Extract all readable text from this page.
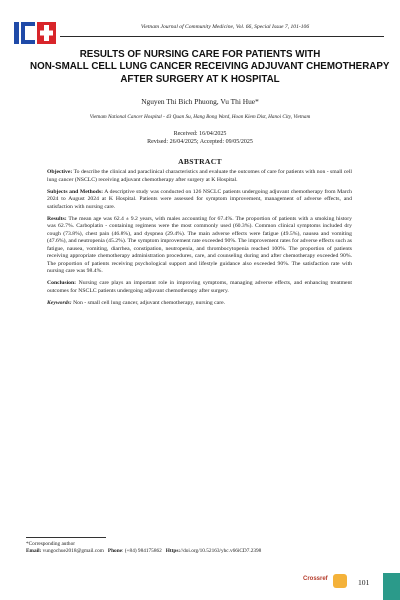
Vietnam Journal of Community Medicine, Vol. 66, Special Issue 7, 101-106
RESULTS OF NURSING CARE FOR PATIENTS WITH
NON-SMALL CELL LUNG CANCER RECEIVING ADJUVANT CHEMOTHERAPY
AFTER SURGERY AT K HOSPITAL
Nguyen Thi Bich Phuong, Vu Thi Hue*
Vietnam National Cancer Hospital - 43 Quan Su, Hang Bong Ward, Hoan Kiem Dist, Hanoi City, Vietnam
Received: 16/04/2025
Revised: 26/04/2025; Accepted: 09/05/2025
ABSTRACT

Objective: To describe the clinical and paraclinical characteristics and evaluate the outcomes of care for patients with non - small cell lung cancer (NSCLC) receiving adjuvant chemotherapy after surgery at K Hospital.

Subjects and Methods: A descriptive study was conducted on 126 NSCLC patients undergoing adjuvant chemotherapy from March 2024 to August 2024 at K Hospital. Patients were assessed for symptom improvement, management of adverse effects, and satisfaction with nursing care.

Results: The mean age was 62.4 ± 9.2 years, with males accounting for 67.4%. The proportion of patients with a smoking history was 62.7%. Carboplatin - containing regimens were the most commonly used (60.3%). Common clinical symptoms included dry cough (73.8%), chest pain (46.8%), and dyspnea (29.4%). The main adverse effects were fatigue (49.5%), nausea and vomiting (47.6%), and neutropenia (45.2%). The symptom improvement rate exceeded 90%. The improvement rates for adverse effects such as fatigue, nausea, vomiting, diarrhea, constipation, neutropenia, and thrombocytopenia reached 100%. The proportion of patients receiving appropriate chemotherapy administration procedures, care, and counseling during and after chemotherapy exceeded 90%. The proportion of patients receiving psychological support and lifestyle guidance also exceeded 90%. The satisfaction rate with nursing care was 98.4%.

Conclusion: Nursing care plays an important role in improving symptoms, managing adverse effects, and enhancing treatment outcomes for NSCLC patients undergoing adjuvant chemotherapy after surgery.

Keywords: Non - small cell lung cancer, adjuvant chemotherapy, nursing care.

*Corresponding author
Email: vungochue2018@gmail.com Phone: (+84) 984175862 Https://doi.org/10.52163/yhc.v66iCD7.2398
Crossref	101
